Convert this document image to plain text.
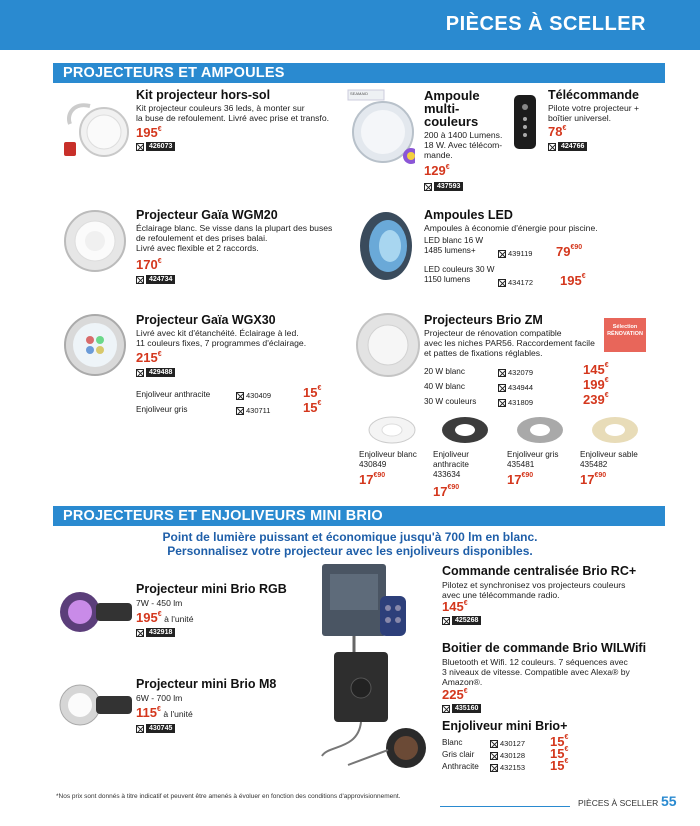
PIÈCES À SCELLER
PROJECTEURS ET AMPOULES
Kit projecteur hors-sol
Kit projecteur couleurs 36 leds, à monter sur
la buse de refoulement. Livré avec prise et transfo.
195€
426073
SEAMAID	Ampoule
multi-
couleurs
200 à 1400 Lumens.
18 W. Avec télécom-
mande.
129€
437593
Télécommande
Pilote votre projecteur +
boîtier universel.
78€
424766
Projecteur Gaïa WGM20
Éclairage blanc. Se visse dans la plupart des buses
de refoulement et des prises balai.
Livré avec flexible et 2 raccords.
170€
424734
Ampoules LED
Ampoules à économie d'énergie pour piscine.
LED blanc 16 W
1485 lumens+	439119 $79^{€90}$
LED couleurs 30 W
1150 lumens	434172 195€
Projecteur Gaïa WGX30
Livré avec kit d'étanchéité. Éclairage à led.
11 couleurs fixes, 7 programmes d'éclairage.
215€
429488
Enjoliveur anthracite	430409 15€
Enjoliveur gris	430711	15€
Projecteurs Brio ZM
Projecteur de rénovation compatible
avec les niches PAR56. Raccordement facile
et pattes de fixations réglables.
Sélection
RÉNOVATION
20 W blanc	432079	145€
40 W blanc	434944	199€
30 W couleurs	431809	239€
Enjoliveur blanc
430849
$17^{€90}$
Enjoliveur
anthracite
433634
$17^{€90}$
Enjoliveur gris
435481
$17^{€90}$
Enjoliveur sable
435482
$17^{€90}$
PROJECTEURS ET ENJOLIVEURS MINI BRIO
Point de lumière puissant et économique jusqu'à 700 lm en blanc.
Personnalisez votre projecteur avec les enjoliveurs disponibles.
Projecteur mini Brio RGB
7W - 450 lm
195€ à l'unité
432918
Projecteur mini Brio M8
6W - 700 lm
115€ à l'unité
430745
Commande centralisée Brio RC+
Pilotez et synchronisez vos projecteurs couleurs
avec une télécommande radio.
145€
425268
Boitier de commande Brio WILWifi
Bluetooth et Wifi. 12 couleurs. 7 séquences avec
3 niveaux de vitesse. Compatible avec Alexa® by
Amazon®.
225€
435160
Enjoliveur mini Brio+
Blanc	430127 15€
Gris clair	430128 15€
Anthracite	432153 15€
*Nos prix sont donnés à titre indicatif et peuvent être amenés à évoluer en fonction des conditions d'approvisionnement.
PIÈCES À SCELLER 55
